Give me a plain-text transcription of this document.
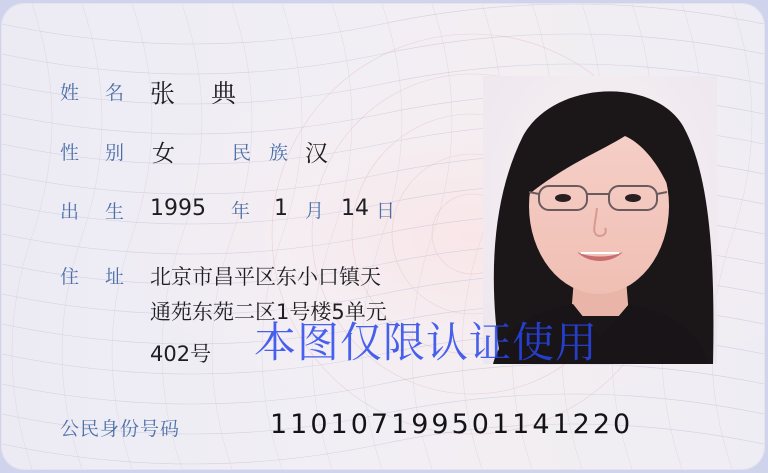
姓 名 张 典
性 别 女	民 族 汉
出 生 1995 年 1 月 14 日
住 址 北京市昌平区东小口镇天
通苑东苑二区1号楼5单元
402号 本图仅限认证使用
公民身份号码	110107199501141220
